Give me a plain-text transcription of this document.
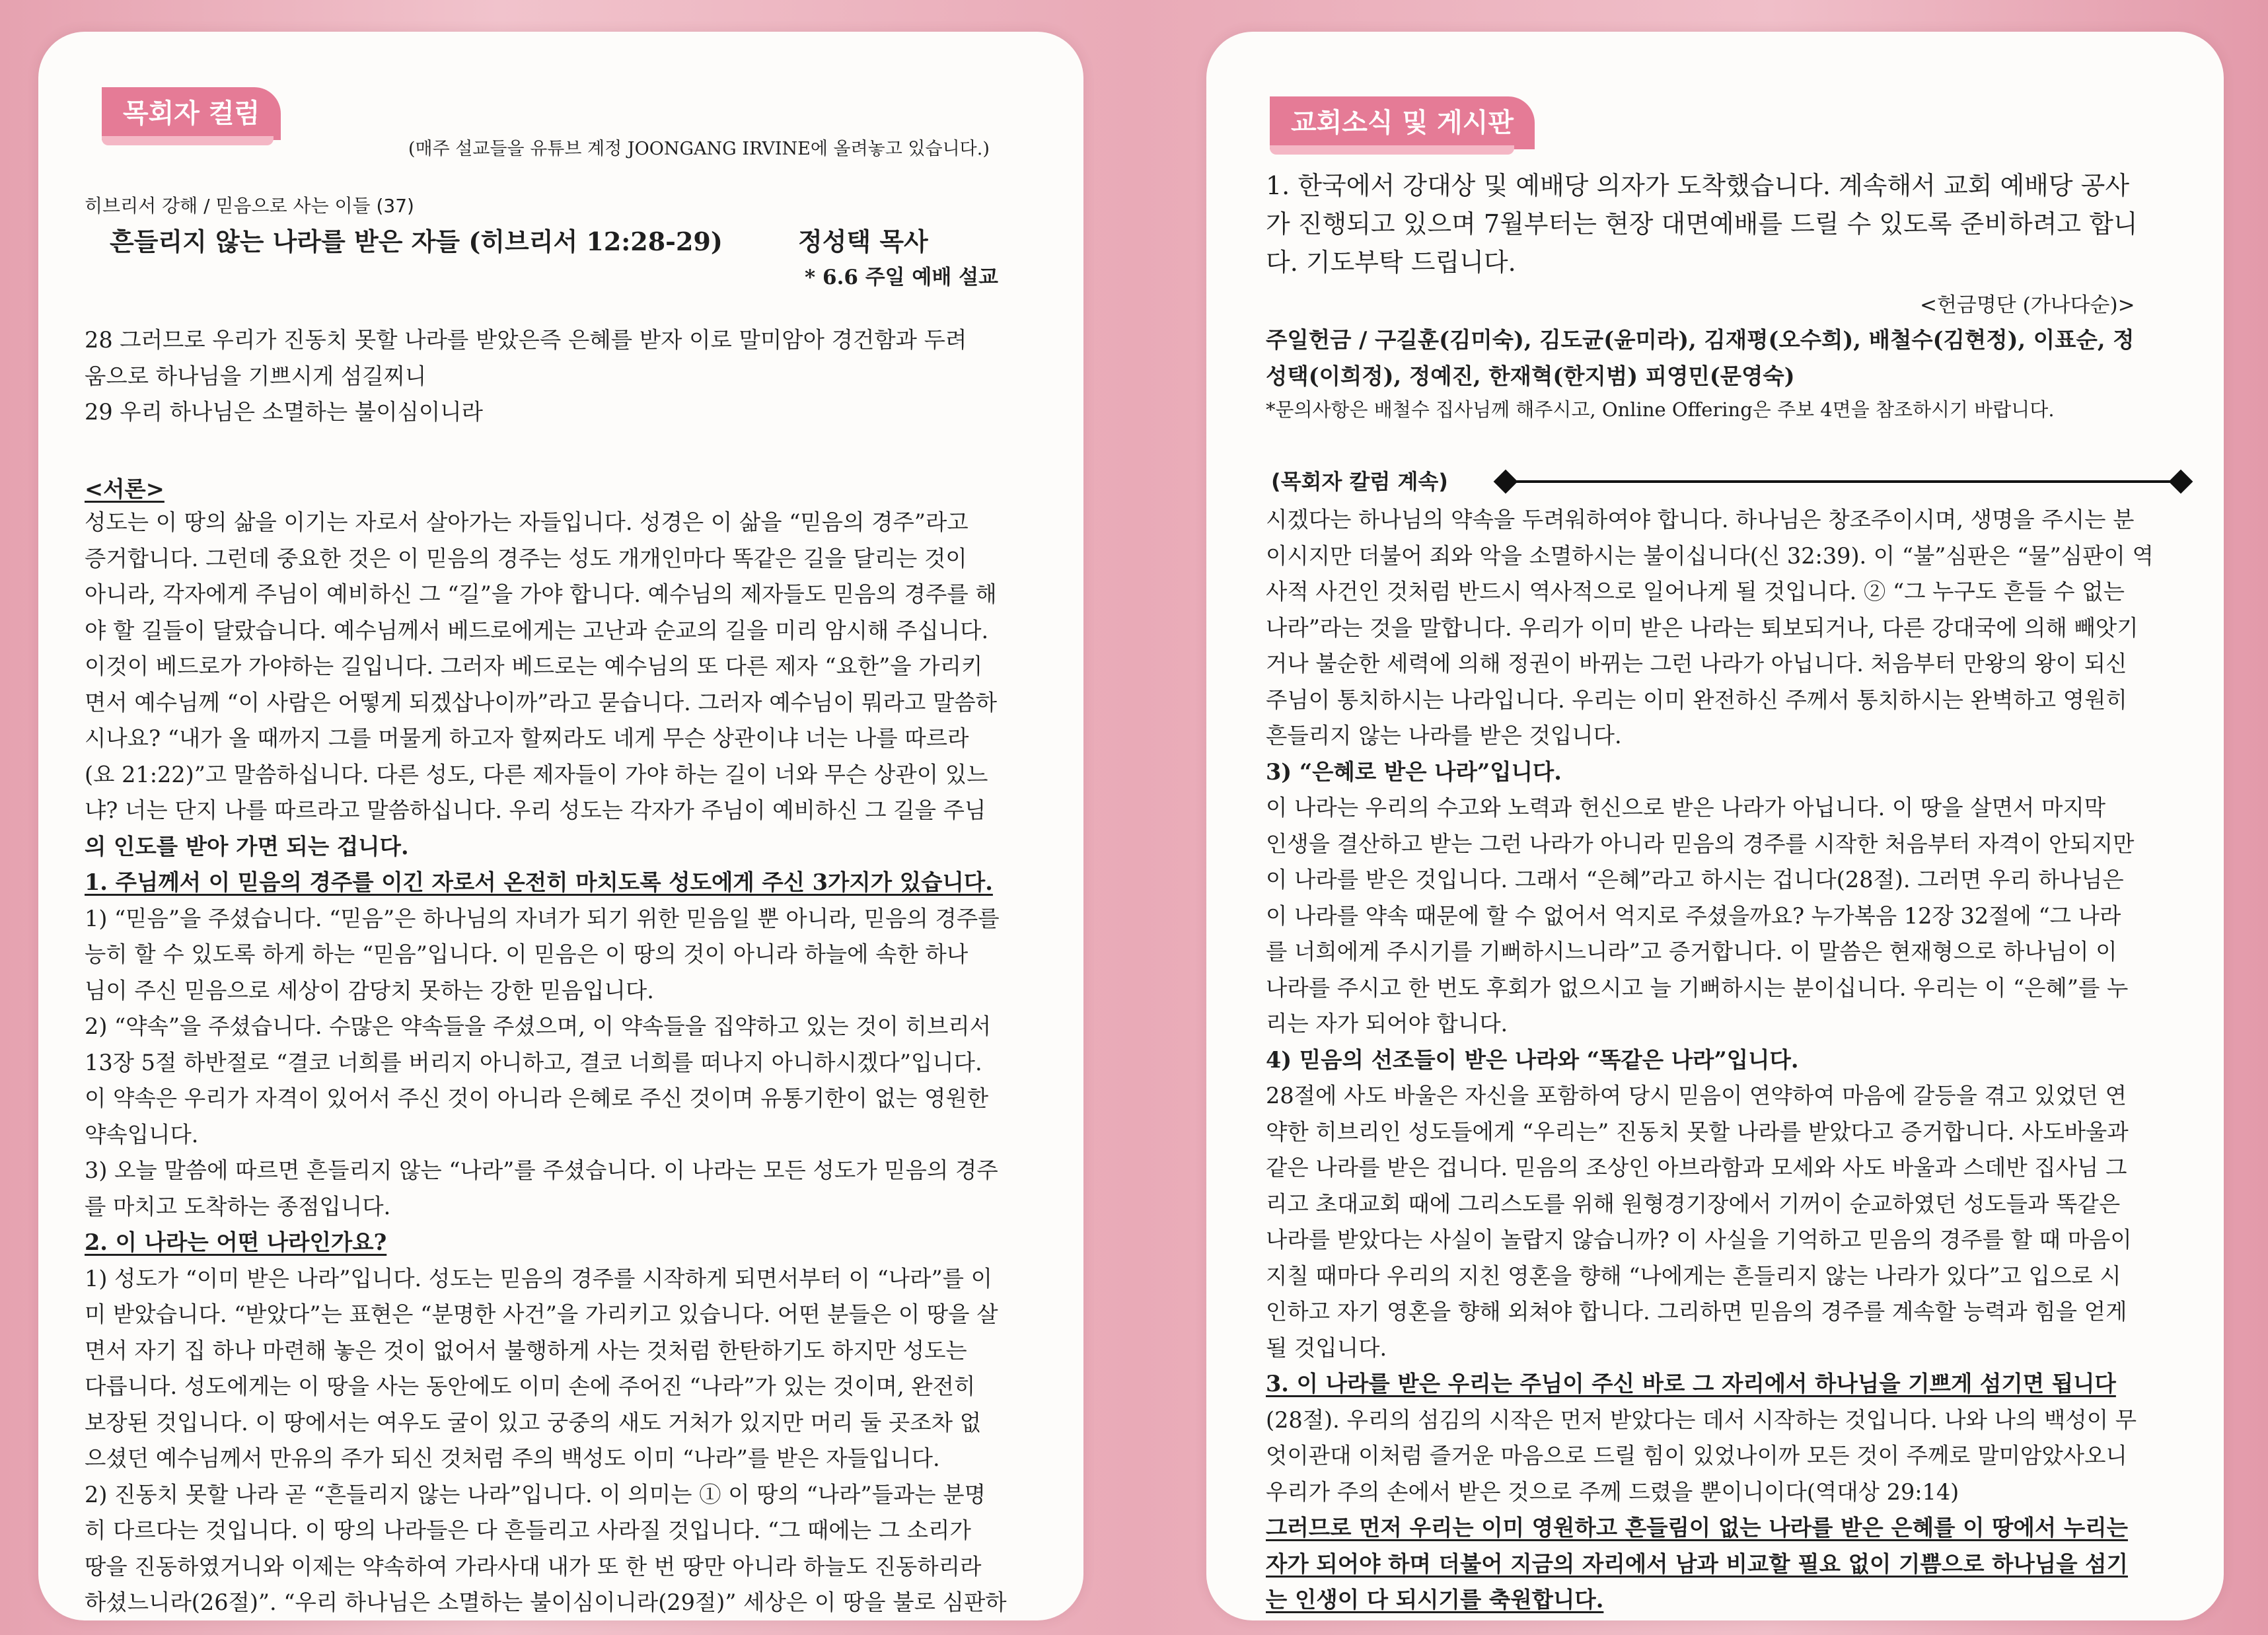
목회자 컬럼
(매주 설교들을 유튜브 계정 JOONGANG IRVINE에 올려놓고 있습니다.)
히브리서 강해 / 믿음으로 사는 이들 (37)
흔들리지 않는 나라를 받은 자들 (히브리서 12:28-29)	정성택 목사
* 6.6 주일 예배 설교
28 그러므로 우리가 진동치 못할 나라를 받았은즉 은혜를 받자 이로 말미암아 경건함과 두려
움으로 하나님을 기쁘시게 섬길찌니
29 우리 하나님은 소멸하는 불이심이니라
<서론>
성도는 이 땅의 삶을 이기는 자로서 살아가는 자들입니다. 성경은 이 삶을 “믿음의 경주”라고
증거합니다. 그런데 중요한 것은 이 믿음의 경주는 성도 개개인마다 똑같은 길을 달리는 것이
아니라, 각자에게 주님이 예비하신 그 “길”을 가야 합니다. 예수님의 제자들도 믿음의 경주를 해
야 할 길들이 달랐습니다. 예수님께서 베드로에게는 고난과 순교의 길을 미리 암시해 주십니다.
이것이 베드로가 가야하는 길입니다. 그러자 베드로는 예수님의 또 다른 제자 “요한”을 가리키
면서 예수님께 “이 사람은 어떻게 되겠삽나이까”라고 묻습니다. 그러자 예수님이 뭐라고 말씀하
시나요? “내가 올 때까지 그를 머물게 하고자 할찌라도 네게 무슨 상관이냐 너는 나를 따르라
(요 21:22)”고 말씀하십니다. 다른 성도, 다른 제자들이 가야 하는 길이 너와 무슨 상관이 있느
냐? 너는 단지 나를 따르라고 말씀하십니다. 우리 성도는 각자가 주님이 예비하신 그 길을 주님
의 인도를 받아 가면 되는 겁니다.
1. 주님께서 이 믿음의 경주를 이긴 자로서 온전히 마치도록 성도에게 주신 3가지가 있습니다.
1) “믿음”을 주셨습니다. “믿음”은 하나님의 자녀가 되기 위한 믿음일 뿐 아니라, 믿음의 경주를
능히 할 수 있도록 하게 하는 “믿음”입니다. 이 믿음은 이 땅의 것이 아니라 하늘에 속한 하나
님이 주신 믿음으로 세상이 감당치 못하는 강한 믿음입니다.
2) “약속”을 주셨습니다. 수많은 약속들을 주셨으며, 이 약속들을 집약하고 있는 것이 히브리서
13장 5절 하반절로 “결코 너희를 버리지 아니하고, 결코 너희를 떠나지 아니하시겠다”입니다.
이 약속은 우리가 자격이 있어서 주신 것이 아니라 은혜로 주신 것이며 유통기한이 없는 영원한
약속입니다.
3) 오늘 말씀에 따르면 흔들리지 않는 “나라”를 주셨습니다. 이 나라는 모든 성도가 믿음의 경주
를 마치고 도착하는 종점입니다.
2. 이 나라는 어떤 나라인가요?
1) 성도가 “이미 받은 나라”입니다. 성도는 믿음의 경주를 시작하게 되면서부터 이 “나라”를 이
미 받았습니다. “받았다”는 표현은 “분명한 사건”을 가리키고 있습니다. 어떤 분들은 이 땅을 살
면서 자기 집 하나 마련해 놓은 것이 없어서 불행하게 사는 것처럼 한탄하기도 하지만 성도는
다릅니다. 성도에게는 이 땅을 사는 동안에도 이미 손에 주어진 “나라”가 있는 것이며, 완전히
보장된 것입니다. 이 땅에서는 여우도 굴이 있고 궁중의 새도 거처가 있지만 머리 둘 곳조차 없
으셨던 예수님께서 만유의 주가 되신 것처럼 주의 백성도 이미 “나라”를 받은 자들입니다.
2) 진동치 못할 나라 곧 “흔들리지 않는 나라”입니다. 이 의미는 ① 이 땅의 “나라”들과는 분명
히 다르다는 것입니다. 이 땅의 나라들은 다 흔들리고 사라질 것입니다. “그 때에는 그 소리가
땅을 진동하였거니와 이제는 약속하여 가라사대 내가 또 한 번 땅만 아니라 하늘도 진동하리라
하셨느니라(26절)”. “우리 하나님은 소멸하는 불이심이니라(29절)” 세상은 이 땅을 불로 심판하
교회소식 및 게시판
1. 한국에서 강대상 및 예배당 의자가 도착했습니다. 계속해서 교회 예배당 공사
가 진행되고 있으며 7월부터는 현장 대면예배를 드릴 수 있도록 준비하려고 합니
다. 기도부탁 드립니다.
<헌금명단 (가나다순)>
주일헌금 / 구길훈(김미숙), 김도균(윤미라), 김재평(오수희), 배철수(김현정), 이표순, 정
성택(이희정), 정예진, 한재혁(한지범) 피영민(문영숙)
*문의사항은 배철수 집사님께 해주시고, Online Offering은 주보 4면을 참조하시기 바랍니다.
(목회자 칼럼 계속)
시겠다는 하나님의 약속을 두려워하여야 합니다. 하나님은 창조주이시며, 생명을 주시는 분
이시지만 더불어 죄와 악을 소멸하시는 불이십니다(신 32:39). 이 “불”심판은 “물”심판이 역
사적 사건인 것처럼 반드시 역사적으로 일어나게 될 것입니다. ② “그 누구도 흔들 수 없는
나라”라는 것을 말합니다. 우리가 이미 받은 나라는 퇴보되거나, 다른 강대국에 의해 빼앗기
거나 불순한 세력에 의해 정권이 바뀌는 그런 나라가 아닙니다. 처음부터 만왕의 왕이 되신
주님이 통치하시는 나라입니다. 우리는 이미 완전하신 주께서 통치하시는 완벽하고 영원히
흔들리지 않는 나라를 받은 것입니다.
3) “은혜로 받은 나라”입니다.
이 나라는 우리의 수고와 노력과 헌신으로 받은 나라가 아닙니다. 이 땅을 살면서 마지막
인생을 결산하고 받는 그런 나라가 아니라 믿음의 경주를 시작한 처음부터 자격이 안되지만
이 나라를 받은 것입니다. 그래서 “은혜”라고 하시는 겁니다(28절). 그러면 우리 하나님은
이 나라를 약속 때문에 할 수 없어서 억지로 주셨을까요? 누가복음 12장 32절에 “그 나라
를 너희에게 주시기를 기뻐하시느니라”고 증거합니다. 이 말씀은 현재형으로 하나님이 이
나라를 주시고 한 번도 후회가 없으시고 늘 기뻐하시는 분이십니다. 우리는 이 “은혜”를 누
리는 자가 되어야 합니다.
4) 믿음의 선조들이 받은 나라와 “똑같은 나라”입니다.
28절에 사도 바울은 자신을 포함하여 당시 믿음이 연약하여 마음에 갈등을 겪고 있었던 연
약한 히브리인 성도들에게 “우리는” 진동치 못할 나라를 받았다고 증거합니다. 사도바울과
같은 나라를 받은 겁니다. 믿음의 조상인 아브라함과 모세와 사도 바울과 스데반 집사님 그
리고 초대교회 때에 그리스도를 위해 원형경기장에서 기꺼이 순교하였던 성도들과 똑같은
나라를 받았다는 사실이 놀랍지 않습니까? 이 사실을 기억하고 믿음의 경주를 할 때 마음이
지칠 때마다 우리의 지친 영혼을 향해 “나에게는 흔들리지 않는 나라가 있다”고 입으로 시
인하고 자기 영혼을 향해 외쳐야 합니다. 그리하면 믿음의 경주를 계속할 능력과 힘을 얻게
될 것입니다.
3. 이 나라를 받은 우리는 주님이 주신 바로 그 자리에서 하나님을 기쁘게 섬기면 됩니다
(28절). 우리의 섬김의 시작은 먼저 받았다는 데서 시작하는 것입니다. 나와 나의 백성이 무
엇이관대 이처럼 즐거운 마음으로 드릴 힘이 있었나이까 모든 것이 주께로 말미암았사오니
우리가 주의 손에서 받은 것으로 주께 드렸을 뿐이니이다(역대상 29:14)
그러므로 먼저 우리는 이미 영원하고 흔들림이 없는 나라를 받은 은혜를 이 땅에서 누리는
자가 되어야 하며 더불어 지금의 자리에서 남과 비교할 필요 없이 기쁨으로 하나님을 섬기
는 인생이 다 되시기를 축원합니다.
